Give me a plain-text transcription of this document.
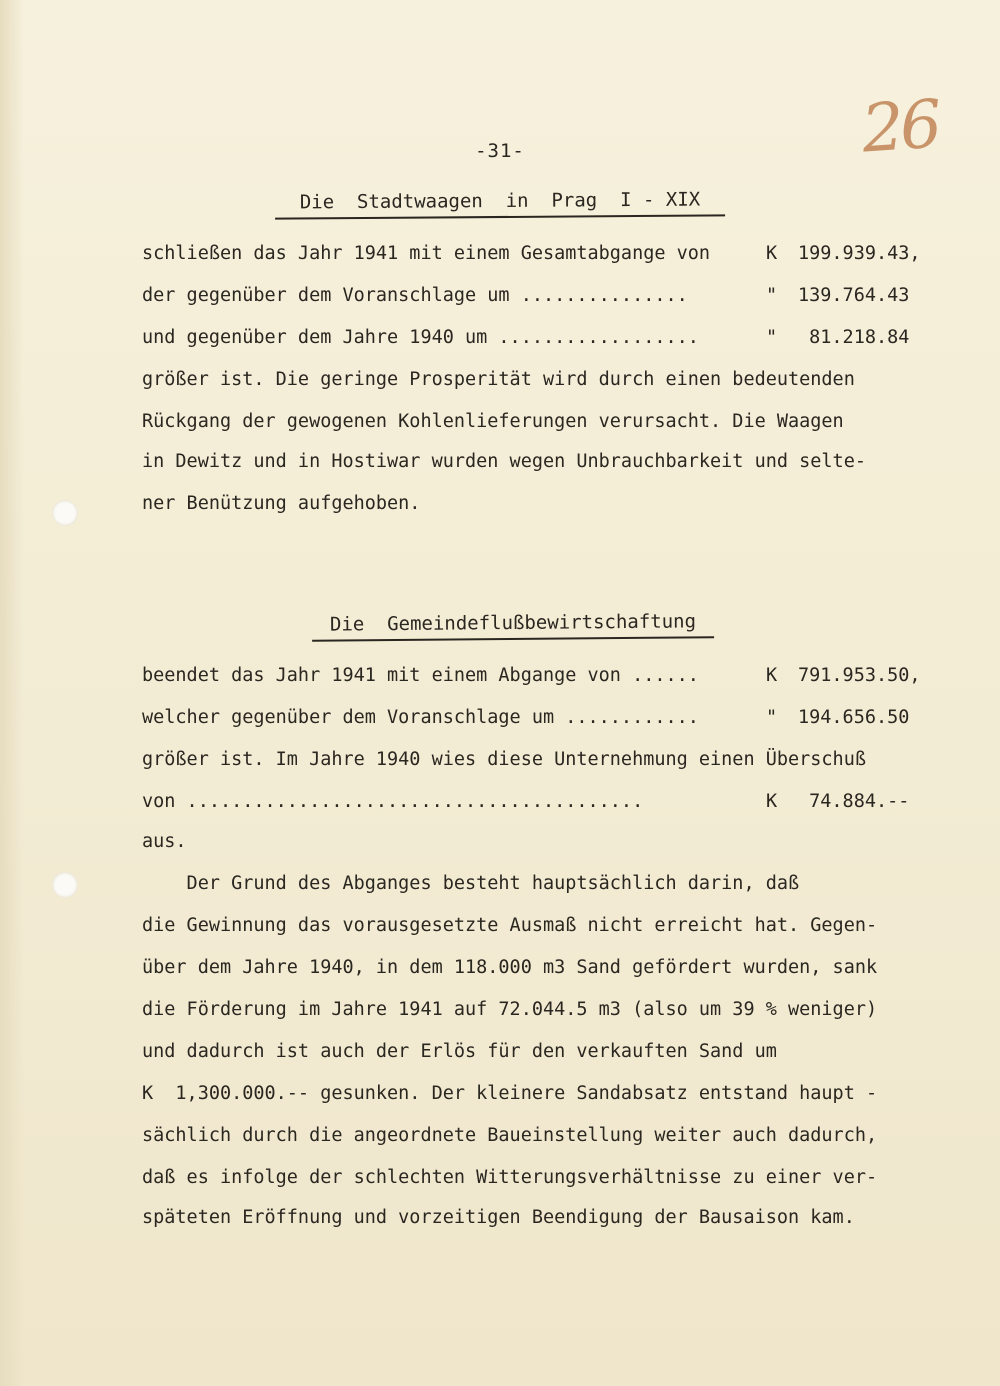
26
-31-
Die  Stadtwaagen  in  Prag  I - XIX
schließen das Jahr 1941 mit einem Gesamtabgange von	K	199.939.43,
der gegenüber dem Voranschlage um ...............	"	139.764.43
und gegenüber dem Jahre 1940 um ..................	"	81.218.84
größer ist. Die geringe Prosperität wird durch einen bedeutenden
Rückgang der gewogenen Kohlenlieferungen verursacht. Die Waagen
in Dewitz und in Hostiwar wurden wegen Unbrauchbarkeit und selte-
ner Benützung aufgehoben.
Die  Gemeindeflußbewirtschaftung
beendet das Jahr 1941 mit einem Abgange von ......	K	791.953.50,
welcher gegenüber dem Voranschlage um ............	"	194.656.50
größer ist. Im Jahre 1940 wies diese Unternehmung einen Überschuß
von .........................................	K	74.884.--
aus.
Der Grund des Abganges besteht hauptsächlich darin, daß
die Gewinnung das vorausgesetzte Ausmaß nicht erreicht hat. Gegen-
über dem Jahre 1940, in dem 118.000 m3 Sand gefördert wurden, sank
die Förderung im Jahre 1941 auf 72.044.5 m3 (also um 39 % weniger)
und dadurch ist auch der Erlös für den verkauften Sand um
K  1,300.000.-- gesunken. Der kleinere Sandabsatz entstand haupt -
sächlich durch die angeordnete Baueinstellung weiter auch dadurch,
daß es infolge der schlechten Witterungsverhältnisse zu einer ver-
späteten Eröffnung und vorzeitigen Beendigung der Bausaison kam.
